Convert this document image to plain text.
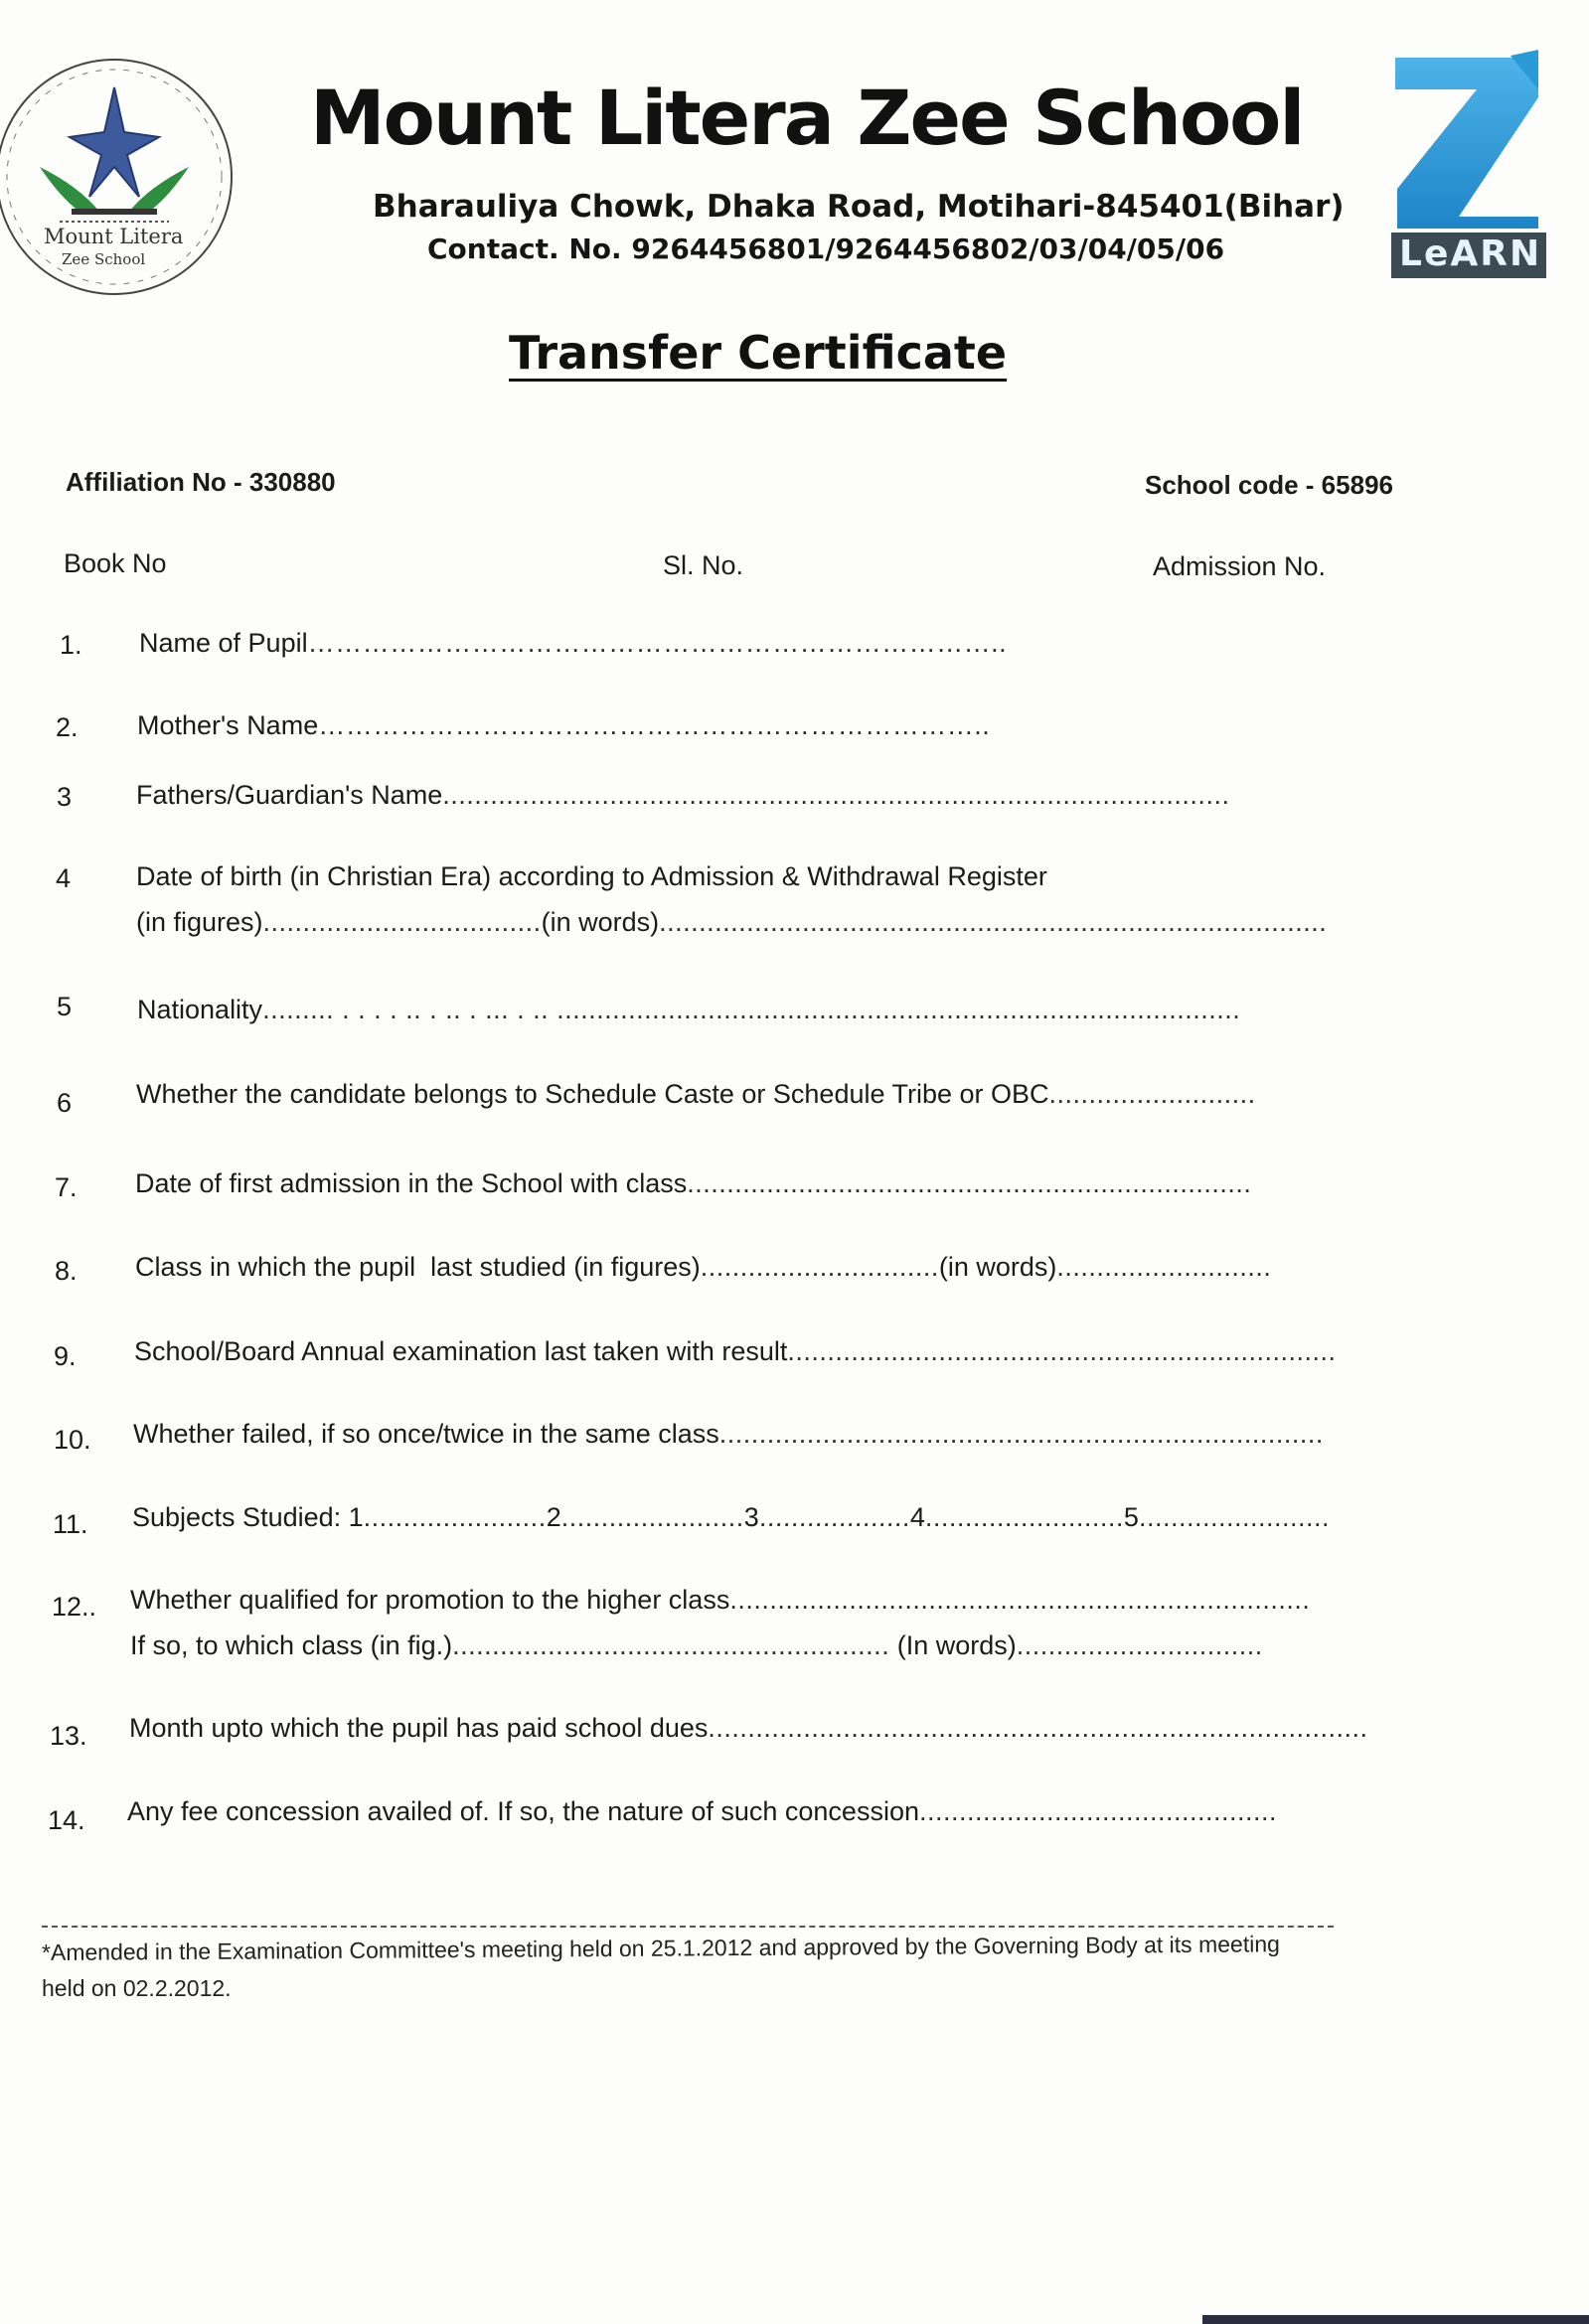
Mount Litera
Zee School	LeARN
Mount Litera Zee School
Bharauliya Chowk, Dhaka Road, Motihari-845401(Bihar)
Contact. No. 9264456801/9264456802/03/04/05/06
Transfer Certificate
Affiliation No - 330880	School code - 65896
Book No	Sl. No.	Admission No.
1. Name of Pupil…………………………………………………………………..
2. Mother's Name………………………………………………………………..
3 Fathers/Guardian's Name...................................................................................................
4 Date of birth (in Christian Era) according to Admission & Withdrawal Register
(in figures)...................................(in words)....................................................................................
5 Nationality......... . . . . .. . .. . ... . .. ......................................................................................
6 Whether the candidate belongs to Schedule Caste or Schedule Tribe or OBC..........................
7. Date of first admission in the School with class.......................................................................
8. Class in which the pupil  last studied (in figures)..............................(in words)...........................
9. School/Board Annual examination last taken with result.....................................................................
10. Whether failed, if so once/twice in the same class............................................................................
11. Subjects Studied: 1.......................2.......................3...................4.........................5........................
12.. Whether qualified for promotion to the higher class.........................................................................
If so, to which class (in fig.)....................................................... (In words)...............................
13. Month upto which the pupil has paid school dues...................................................................................
14. Any fee concession availed of. If so, the nature of such concession.............................................
*Amended in the Examination Committee's meeting held on 25.1.2012 and approved by the Governing Body at its meeting
held on 02.2.2012.
